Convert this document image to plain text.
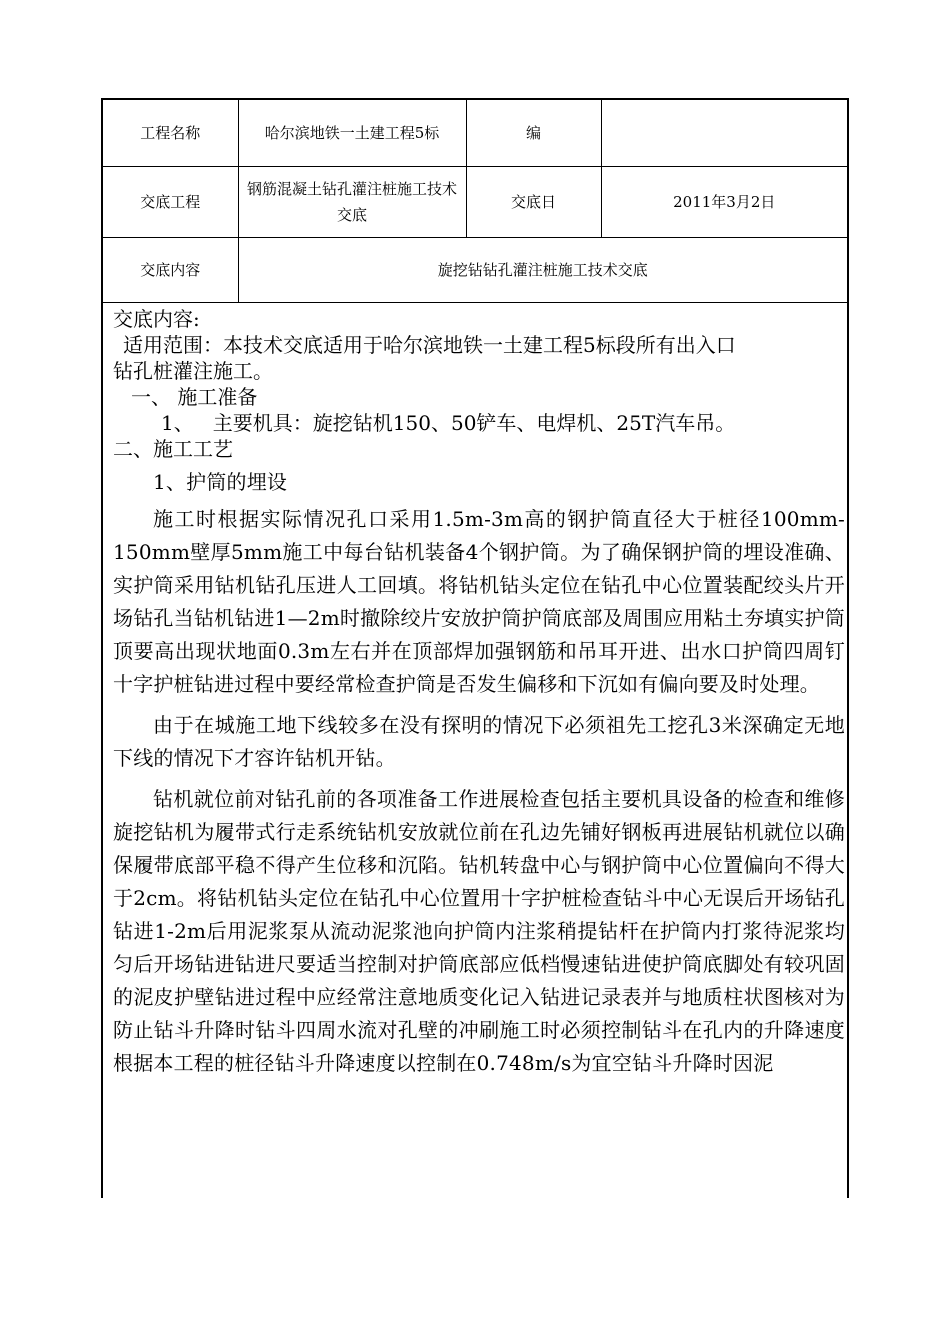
工程名称	哈尔滨地铁一土建工程5标	编	
交底工程	钢筋混凝土钻孔灌注桩施工技术交底	交底日	2011年3月2日
交底内容	旋挖钻钻孔灌注桩施工技术交底		
交底内容:
适用范围：本技术交底适用于哈尔滨地铁一土建工程5标段所有出入口
钻孔桩灌注施工。
一、 施工准备
1、   主要机具：旋挖钻机150、50铲车、电焊机、25T汽车吊。
二、施工工艺
1、护筒的埋设
施工时根据实际情况孔口采用1.5m-3m高的钢护筒直径大于桩径100mm-150mm壁厚5mm施工中每台钻机装备4个钢护筒。为了确保钢护筒的埋设准确、实护筒采用钻机钻孔压进人工回填。将钻机钻头定位在钻孔中心位置装配绞头片开场钻孔当钻机钻进1—2m时撤除绞片安放护筒护筒底部及周围应用粘土夯填实护筒顶要高出现状地面0.3m左右并在顶部焊加强钢筋和吊耳开进、出水口护筒四周钉十字护桩钻进过程中要经常检查护筒是否发生偏移和下沉如有偏向要及时处理。
由于在城施工地下线较多在没有探明的情况下必须祖先工挖孔3米深确定无地下线的情况下才容许钻机开钻。
钻机就位前对钻孔前的各项准备工作进展检查包括主要机具设备的检查和维修旋挖钻机为履带式行走系统钻机安放就位前在孔边先铺好钢板再进展钻机就位以确保履带底部平稳不得产生位移和沉陷。钻机转盘中心与钢护筒中心位置偏向不得大于2cm。将钻机钻头定位在钻孔中心位置用十字护桩检查钻斗中心无误后开场钻孔钻进1-2m后用泥浆泵从流动泥浆池向护筒内注浆稍提钻杆在护筒内打浆待泥浆均匀后开场钻进钻进尺要适当控制对护筒底部应低档慢速钻进使护筒底脚处有较巩固的泥皮护壁钻进过程中应经常注意地质变化记入钻进记录表并与地质柱状图核对为防止钻斗升降时钻斗四周水流对孔壁的冲刷施工时必须控制钻斗在孔内的升降速度根据本工程的桩径钻斗升降速度以控制在0.748m/s为宜空钻斗升降时因泥
